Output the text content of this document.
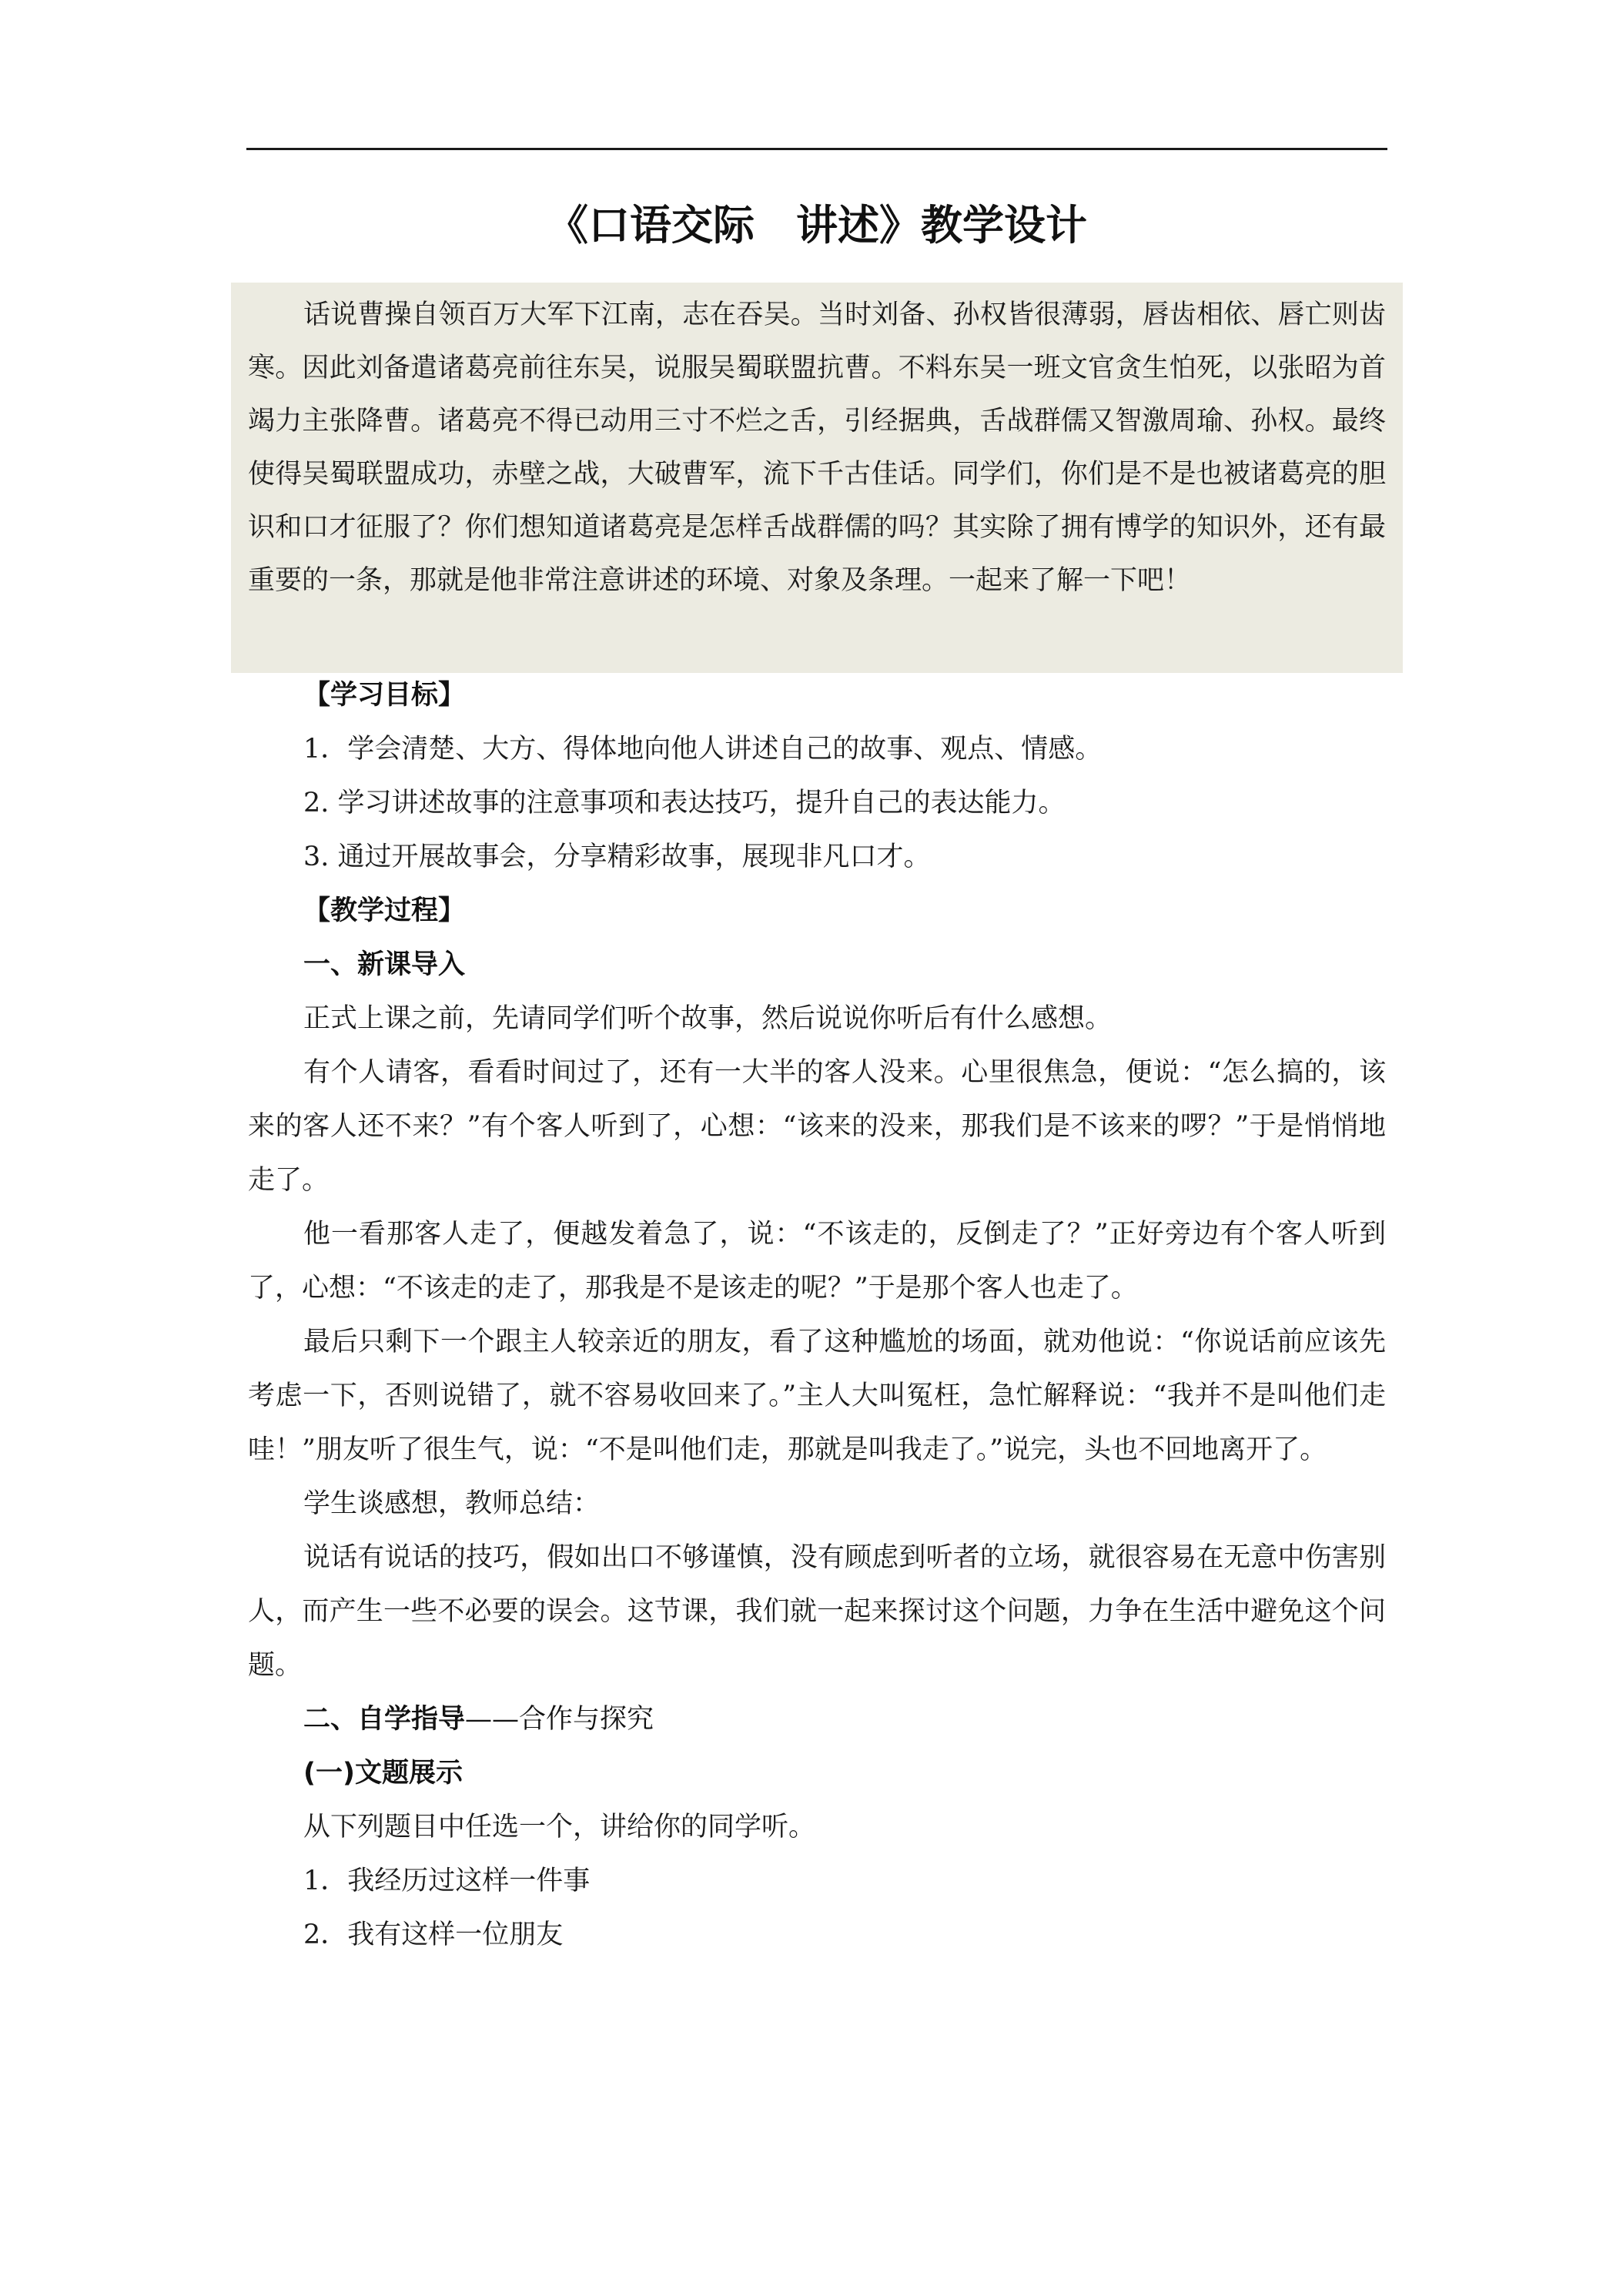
《口语交际　讲述》教学设计

话说曹操自领百万大军下江南，志在吞吴。当时刘备、孙权皆很薄弱，唇齿相依、唇亡则齿寒。因此刘备遣诸葛亮前往东吴，说服吴蜀联盟抗曹。不料东吴一班文官贪生怕死，以张昭为首竭力主张降曹。诸葛亮不得已动用三寸不烂之舌，引经据典，舌战群儒又智激周瑜、孙权。最终使得吴蜀联盟成功，赤壁之战，大破曹军，流下千古佳话。同学们，你们是不是也被诸葛亮的胆识和口才征服了？你们想知道诸葛亮是怎样舌战群儒的吗？其实除了拥有博学的知识外，还有最重要的一条，那就是他非常注意讲述的环境、对象及条理。一起来了解一下吧！

【学习目标】

1．学会清楚、大方、得体地向他人讲述自己的故事、观点、情感。

2. 学习讲述故事的注意事项和表达技巧，提升自己的表达能力。

3. 通过开展故事会，分享精彩故事，展现非凡口才。

【教学过程】

一、新课导入

正式上课之前，先请同学们听个故事，然后说说你听后有什么感想。

有个人请客，看看时间过了，还有一大半的客人没来。心里很焦急，便说：“怎么搞的，该来的客人还不来？”有个客人听到了，心想：“该来的没来，那我们是不该来的啰？”于是悄悄地走了。

他一看那客人走了，便越发着急了，说：“不该走的，反倒走了？”正好旁边有个客人听到了，心想：“不该走的走了，那我是不是该走的呢？”于是那个客人也走了。

最后只剩下一个跟主人较亲近的朋友，看了这种尴尬的场面，就劝他说：“你说话前应该先考虑一下，否则说错了，就不容易收回来了。”主人大叫冤枉，急忙解释说：“我并不是叫他们走哇！”朋友听了很生气，说：“不是叫他们走，那就是叫我走了。”说完，头也不回地离开了。

学生谈感想，教师总结：

说话有说话的技巧，假如出口不够谨慎，没有顾虑到听者的立场，就很容易在无意中伤害别人，而产生一些不必要的误会。这节课，我们就一起来探讨这个问题，力争在生活中避免这个问题。

二、自学指导——合作与探究

(一)文题展示

从下列题目中任选一个，讲给你的同学听。

1．我经历过这样一件事

2．我有这样一位朋友
